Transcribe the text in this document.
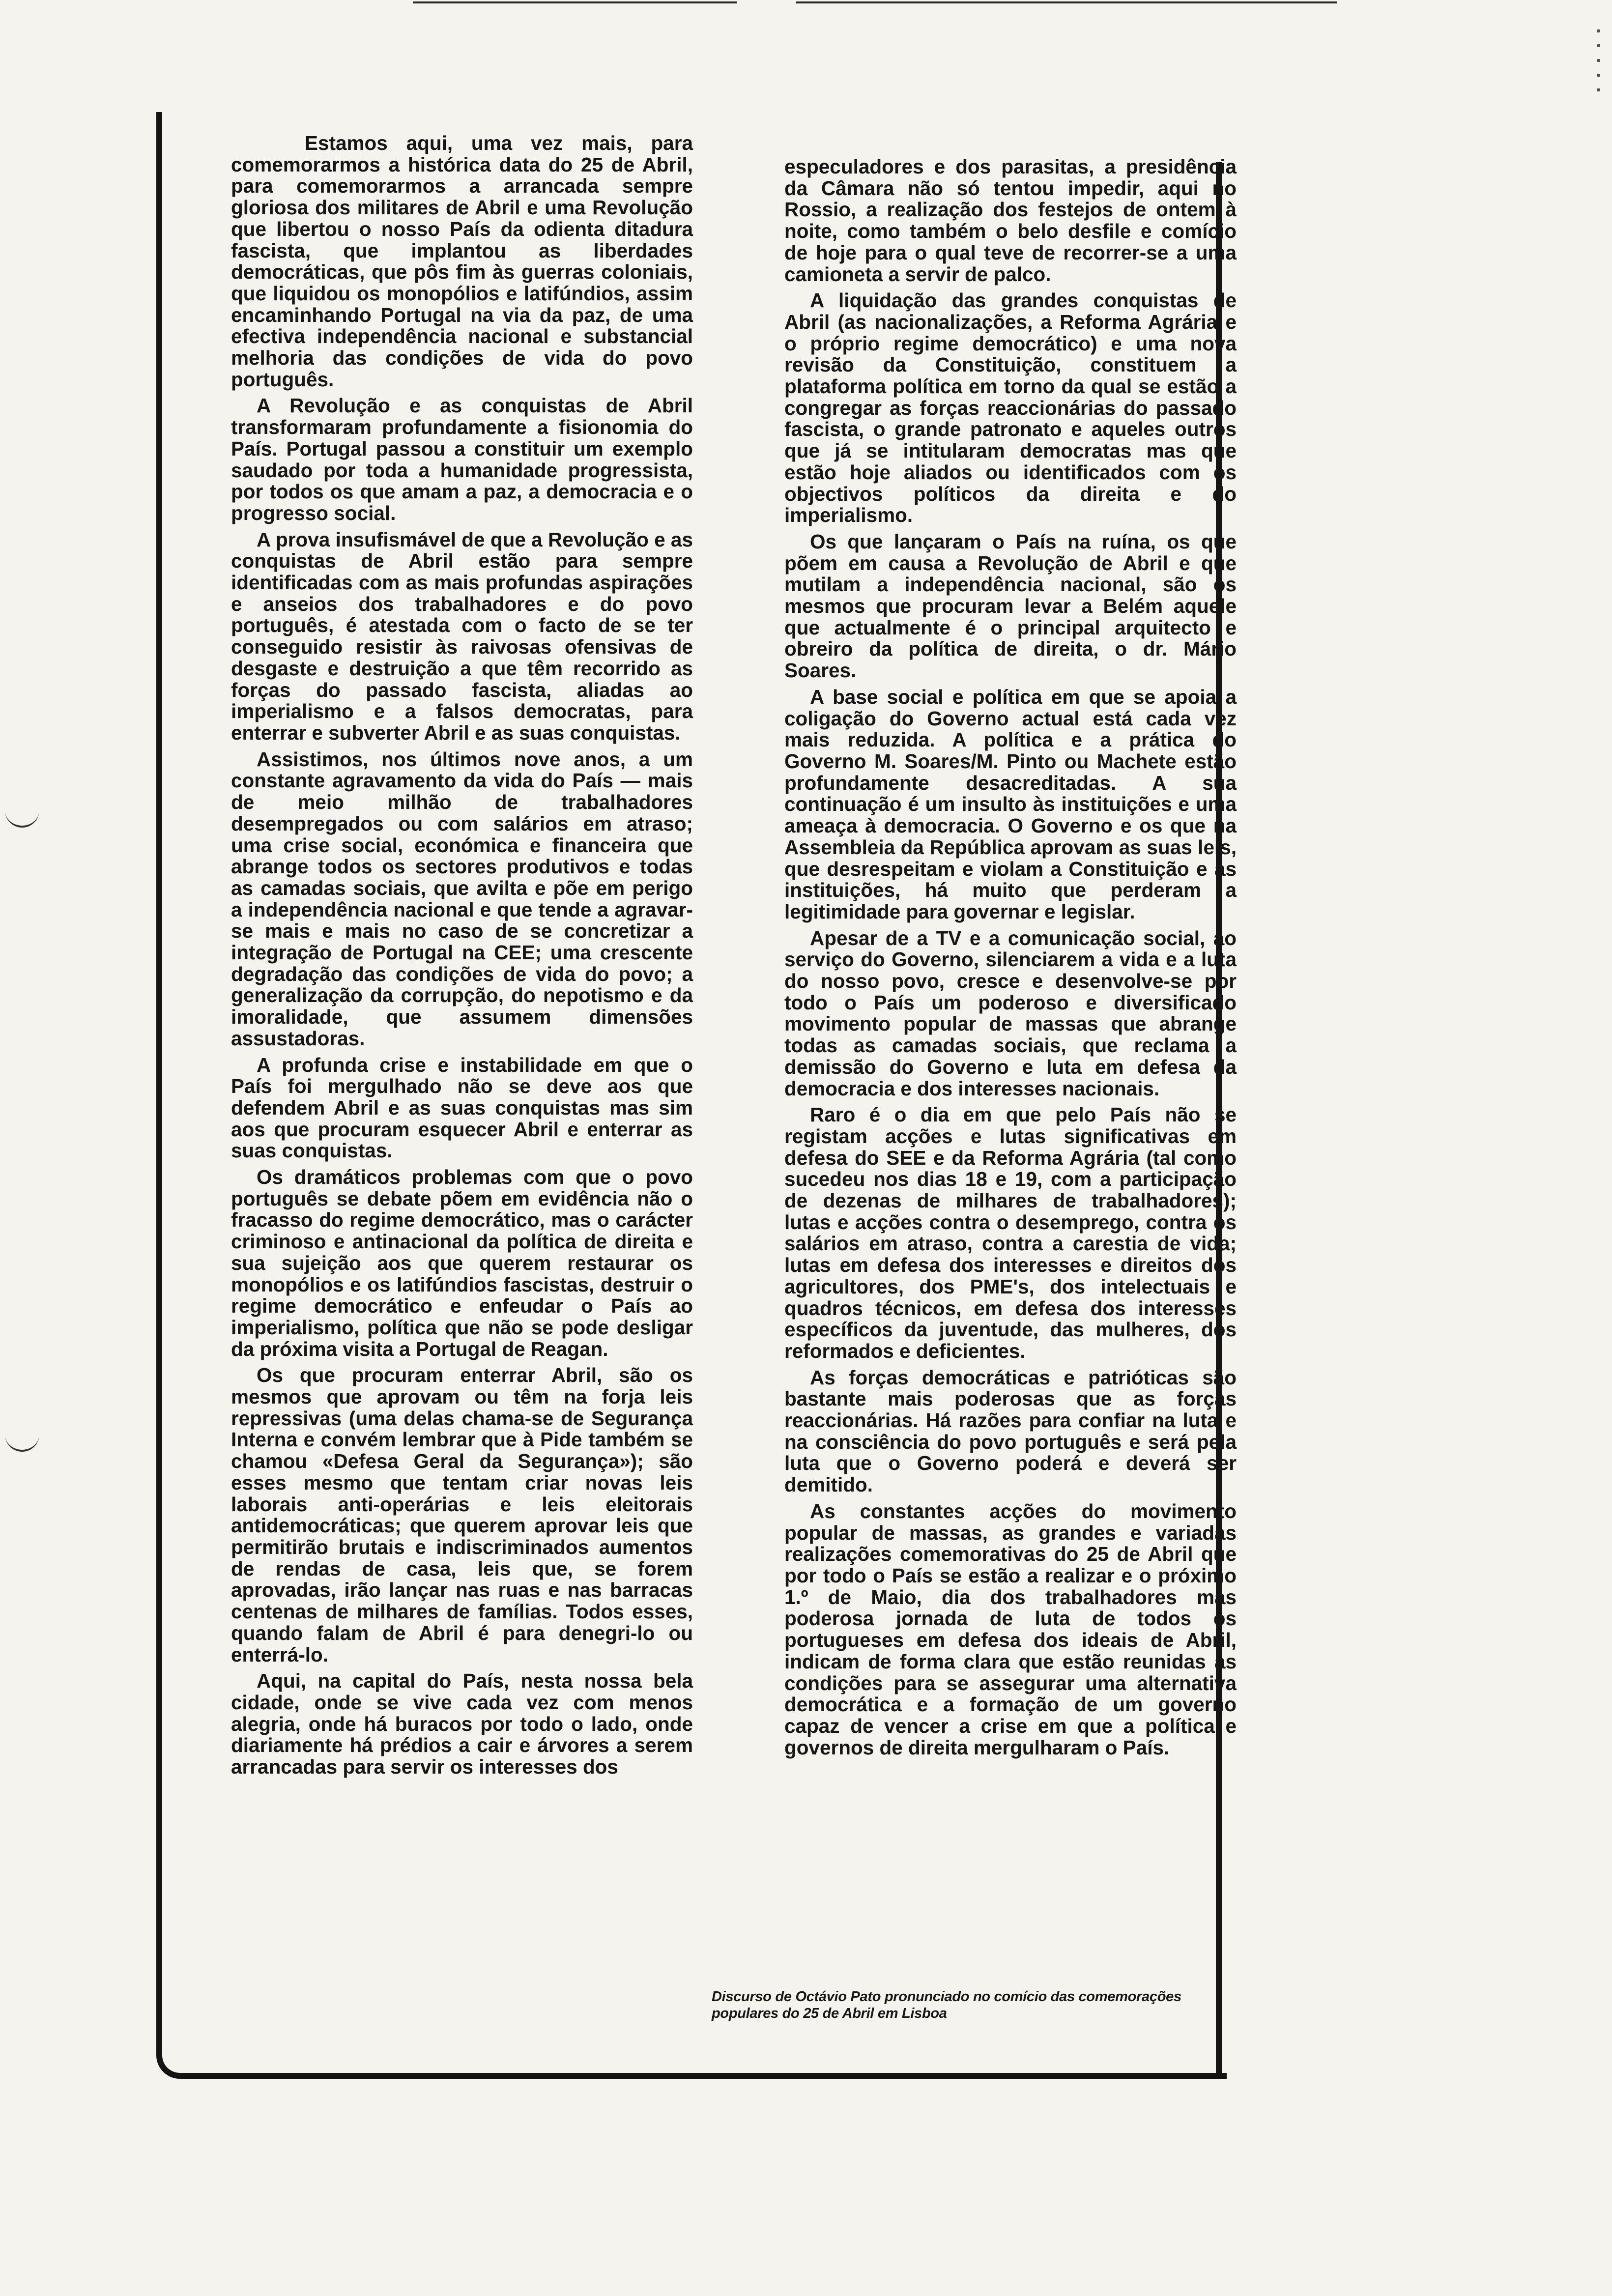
Estamos aqui, uma vez mais, para comemorarmos a histórica data do 25 de Abril, para comemorarmos a arrancada sempre gloriosa dos militares de Abril e uma Revolução que libertou o nosso País da odienta ditadura fascista, que implantou as liberdades democráticas, que pôs fim às guerras coloniais, que liquidou os monopólios e latifúndios, assim encaminhando Portugal na via da paz, de uma efectiva independência nacional e substancial melhoria das condições de vida do povo português.

A Revolução e as conquistas de Abril transformaram profundamente a fisionomia do País. Portugal passou a constituir um exemplo saudado por toda a humanidade progressista, por todos os que amam a paz, a democracia e o progresso social.

A prova insufismável de que a Revolução e as conquistas de Abril estão para sempre identificadas com as mais profundas aspirações e anseios dos trabalhadores e do povo português, é atestada com o facto de se ter conseguido resistir às raivosas ofensivas de desgaste e destruição a que têm recorrido as forças do passado fascista, aliadas ao imperialismo e a falsos democratas, para enterrar e subverter Abril e as suas conquistas.

Assistimos, nos últimos nove anos, a um constante agravamento da vida do País — mais de meio milhão de trabalhadores desempregados ou com salários em atraso; uma crise social, económica e financeira que abrange todos os sectores produtivos e todas as camadas sociais, que avilta e põe em perigo a independência nacional e que tende a agravar-se mais e mais no caso de se concretizar a integração de Portugal na CEE; uma crescente degradação das condições de vida do povo; a generalização da corrupção, do nepotismo e da imoralidade, que assumem dimensões assustadoras.

A profunda crise e instabilidade em que o País foi mergulhado não se deve aos que defendem Abril e as suas conquistas mas sim aos que procuram esquecer Abril e enterrar as suas conquistas.

Os dramáticos problemas com que o povo português se debate põem em evidência não o fracasso do regime democrático, mas o carácter criminoso e antinacional da política de direita e sua sujeição aos que querem restaurar os monopólios e os latifúndios fascistas, destruir o regime democrático e enfeudar o País ao imperialismo, política que não se pode desligar da próxima visita a Portugal de Reagan.

Os que procuram enterrar Abril, são os mesmos que aprovam ou têm na forja leis repressivas (uma delas chama-se de Segurança Interna e convém lembrar que à Pide também se chamou «Defesa Geral da Segurança»); são esses mesmo que tentam criar novas leis laborais anti-operárias e leis eleitorais antidemocráticas; que querem aprovar leis que permitirão brutais e indiscriminados aumentos de rendas de casa, leis que, se forem aprovadas, irão lançar nas ruas e nas barracas centenas de milhares de famílias. Todos esses, quando falam de Abril é para denegri-lo ou enterrá-lo.

Aqui, na capital do País, nesta nossa bela cidade, onde se vive cada vez com menos alegria, onde há buracos por todo o lado, onde diariamente há prédios a cair e árvores a serem arrancadas para servir os interesses dos

especuladores e dos parasitas, a presidência da Câmara não só tentou impedir, aqui no Rossio, a realização dos festejos de ontem à noite, como também o belo desfile e comício de hoje para o qual teve de recorrer-se a uma camioneta a servir de palco.

A liquidação das grandes conquistas de Abril (as nacionalizações, a Reforma Agrária e o próprio regime democrático) e uma nova revisão da Constituição, constituem a plataforma política em torno da qual se estão a congregar as forças reaccionárias do passado fascista, o grande patronato e aqueles outros que já se intitularam democratas mas que estão hoje aliados ou identificados com os objectivos políticos da direita e do imperialismo.

Os que lançaram o País na ruína, os que põem em causa a Revolução de Abril e que mutilam a independência nacional, são os mesmos que procuram levar a Belém aquele que actualmente é o principal arquitecto e obreiro da política de direita, o dr. Mário Soares.

A base social e política em que se apoia a coligação do Governo actual está cada vez mais reduzida. A política e a prática do Governo M. Soares/M. Pinto ou Machete estão profundamente desacreditadas. A sua continuação é um insulto às instituições e uma ameaça à democracia. O Governo e os que na Assembleia da República aprovam as suas leis, que desrespeitam e violam a Constituição e as instituições, há muito que perderam a legitimidade para governar e legislar.

Apesar de a TV e a comunicação social, ao serviço do Governo, silenciarem a vida e a luta do nosso povo, cresce e desenvolve-se por todo o País um poderoso e diversificado movimento popular de massas que abrange todas as camadas sociais, que reclama a demissão do Governo e luta em defesa da democracia e dos interesses nacionais.

Raro é o dia em que pelo País não se registam acções e lutas significativas em defesa do SEE e da Reforma Agrária (tal como sucedeu nos dias 18 e 19, com a participação de dezenas de milhares de trabalhadores); lutas e acções contra o desemprego, contra os salários em atraso, contra a carestia de vida; lutas em defesa dos interesses e direitos dos agricultores, dos PME's, dos intelectuais e quadros técnicos, em defesa dos interesses específicos da juventude, das mulheres, dos reformados e deficientes.

As forças democráticas e patrióticas são bastante mais poderosas que as forças reaccionárias. Há razões para confiar na luta e na consciência do povo português e será pela luta que o Governo poderá e deverá ser demitido.

As constantes acções do movimento popular de massas, as grandes e variadas realizações comemorativas do 25 de Abril que por todo o País se estão a realizar e o próximo 1.º de Maio, dia dos trabalhadores mas poderosa jornada de luta de todos os portugueses em defesa dos ideais de Abril, indicam de forma clara que estão reunidas as condições para se assegurar uma alternativa democrática e a formação de um governo capaz de vencer a crise em que a política e governos de direita mergulharam o País.

Discurso de Octávio Pato pronunciado no comício das comemorações populares do 25 de Abril em Lisboa
